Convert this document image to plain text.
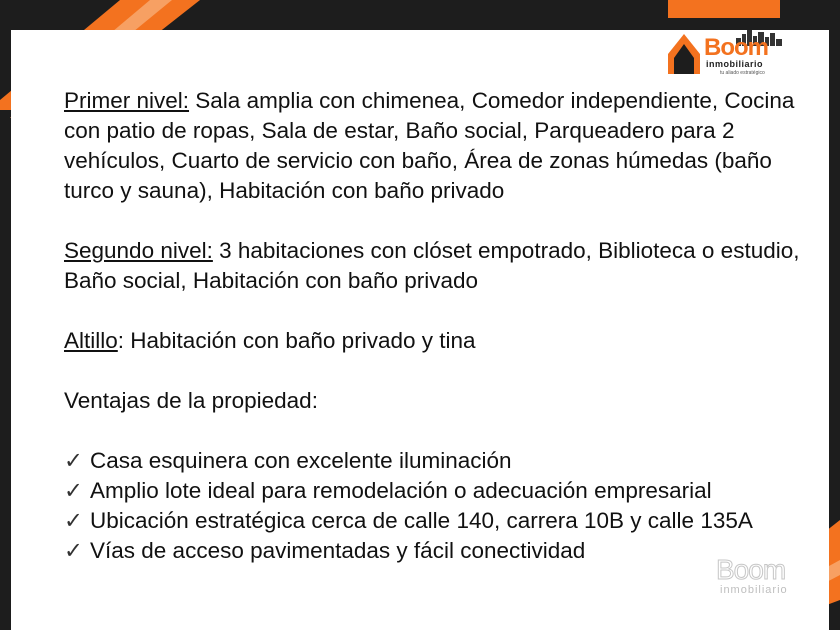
Boom
inmobiliario
tu aliado estratégico

Primer nivel: Sala amplia con chimenea, Comedor independiente, Cocina con patio de ropas, Sala de estar, Baño social, Parqueadero para 2 vehículos, Cuarto de servicio con baño, Área de zonas húmedas (baño turco y sauna), Habitación con baño privado

Segundo nivel: 3 habitaciones con clóset empotrado, Biblioteca o estudio, Baño social, Habitación con baño privado

Altillo: Habitación con baño privado y tina

Ventajas de la propiedad:

✓ Casa esquinera con excelente iluminación

✓ Amplio lote ideal para remodelación o adecuación empresarial

✓ Ubicación estratégica cerca de calle 140, carrera 10B y calle 135A

✓ Vías de acceso pavimentadas y fácil conectividad

Boom
inmobiliario
